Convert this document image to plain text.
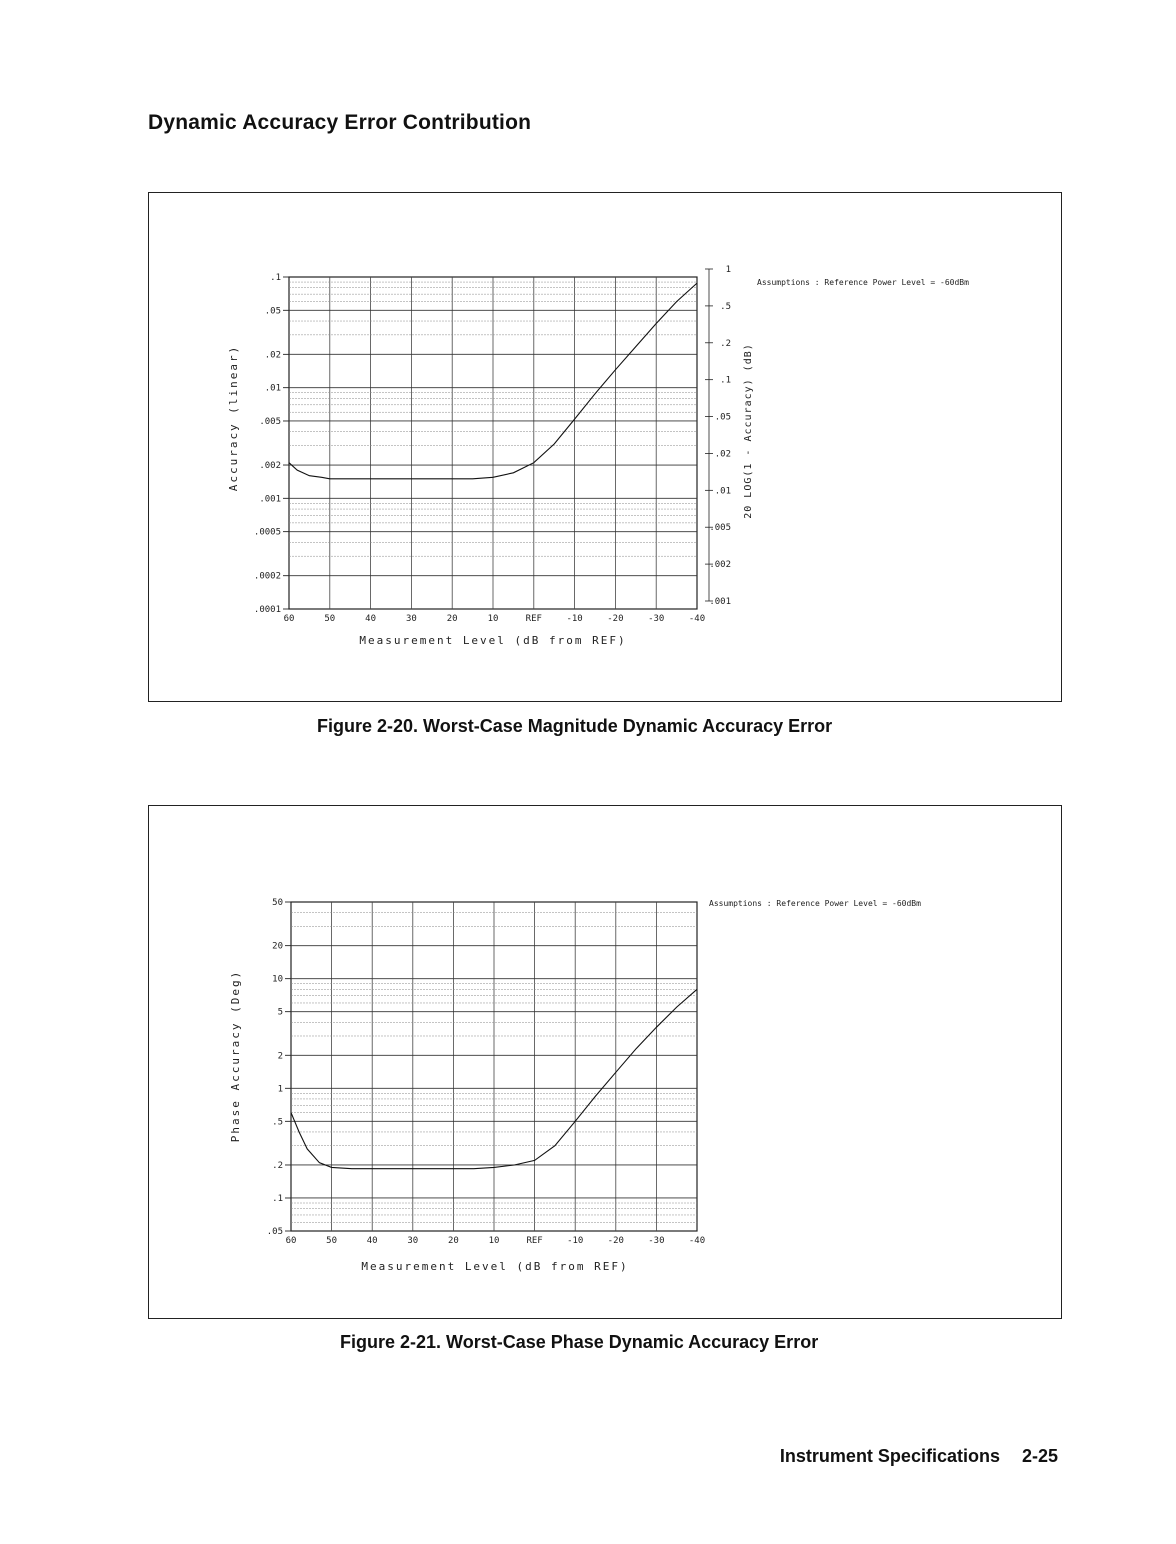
Dynamic Accuracy Error Contribution
60	50	40	30	20	10	REF	-10	-20	-30	-40
.1
.05
.02
.01
.005
.002
.001
.0005
.0002
.0001
1
.5
.2
.1
.05
.02
.01
.005
.002
.001
Assumptions : Reference Power Level = -60dBm
Measurement Level (dB from REF)
Accuracy (linear)	20 LOG(1 - Accuracy) (dB)
Figure 2-20. Worst-Case Magnitude Dynamic Accuracy Error
60	50	40	30	20	10	REF	-10	-20	-30	-40
50
20
10
5
2
1
.5
.2
.1
.05
Assumptions : Reference Power Level = -60dBm
Measurement Level (dB from REF)
Phase Accuracy (Deg)
Figure 2-21. Worst-Case Phase Dynamic Accuracy Error
Instrument Specifications 2-25
